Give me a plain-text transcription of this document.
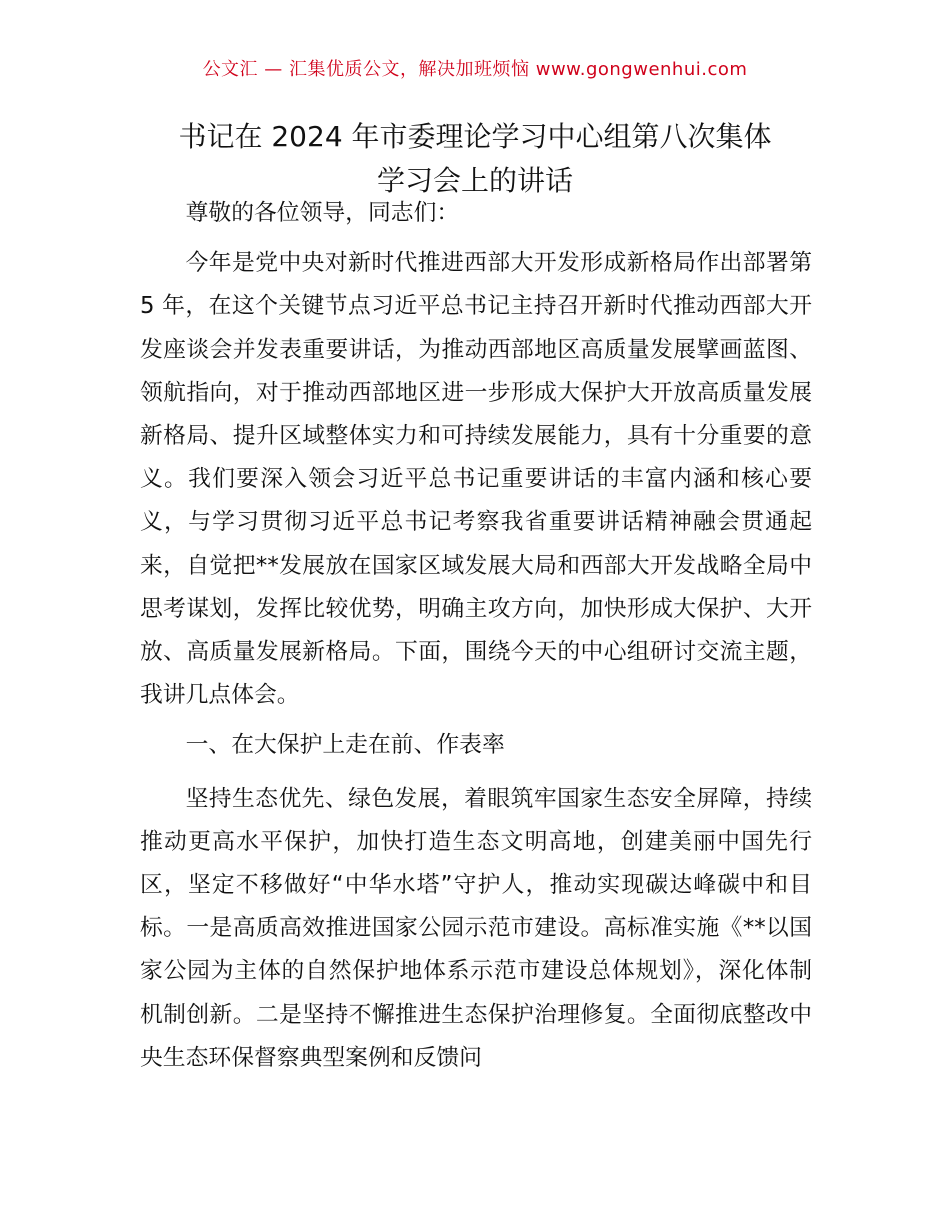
公文汇 — 汇集优质公文，解决加班烦恼 www.gongwenhui.com
书记在 2024 年市委理论学习中心组第八次集体
学习会上的讲话

尊敬的各位领导，同志们：

今年是党中央对新时代推进西部大开发形成新格局作出部署第 5 年，在这个关键节点习近平总书记主持召开新时代推动西部大开发座谈会并发表重要讲话，为推动西部地区高质量发展擘画蓝图、领航指向，对于推动西部地区进一步形成大保护大开放高质量发展新格局、提升区域整体实力和可持续发展能力，具有十分重要的意义。我们要深入领会习近平总书记重要讲话的丰富内涵和核心要义，与学习贯彻习近平总书记考察我省重要讲话精神融会贯通起来，自觉把**发展放在国家区域发展大局和西部大开发战略全局中思考谋划，发挥比较优势，明确主攻方向，加快形成大保护、大开放、高质量发展新格局。下面，围绕今天的中心组研讨交流主题，我讲几点体会。

一、在大保护上走在前、作表率

坚持生态优先、绿色发展，着眼筑牢国家生态安全屏障，持续推动更高水平保护，加快打造生态文明高地，创建美丽中国先行区，坚定不移做好“中华水塔”守护人，推动实现碳达峰碳中和目标。一是高质高效推进国家公园示范市建设。高标准实施《**以国家公园为主体的自然保护地体系示范市建设总体规划》，深化体制机制创新。二是坚持不懈推进生态保护治理修复。全面彻底整改中央生态环保督察典型案例和反馈问
